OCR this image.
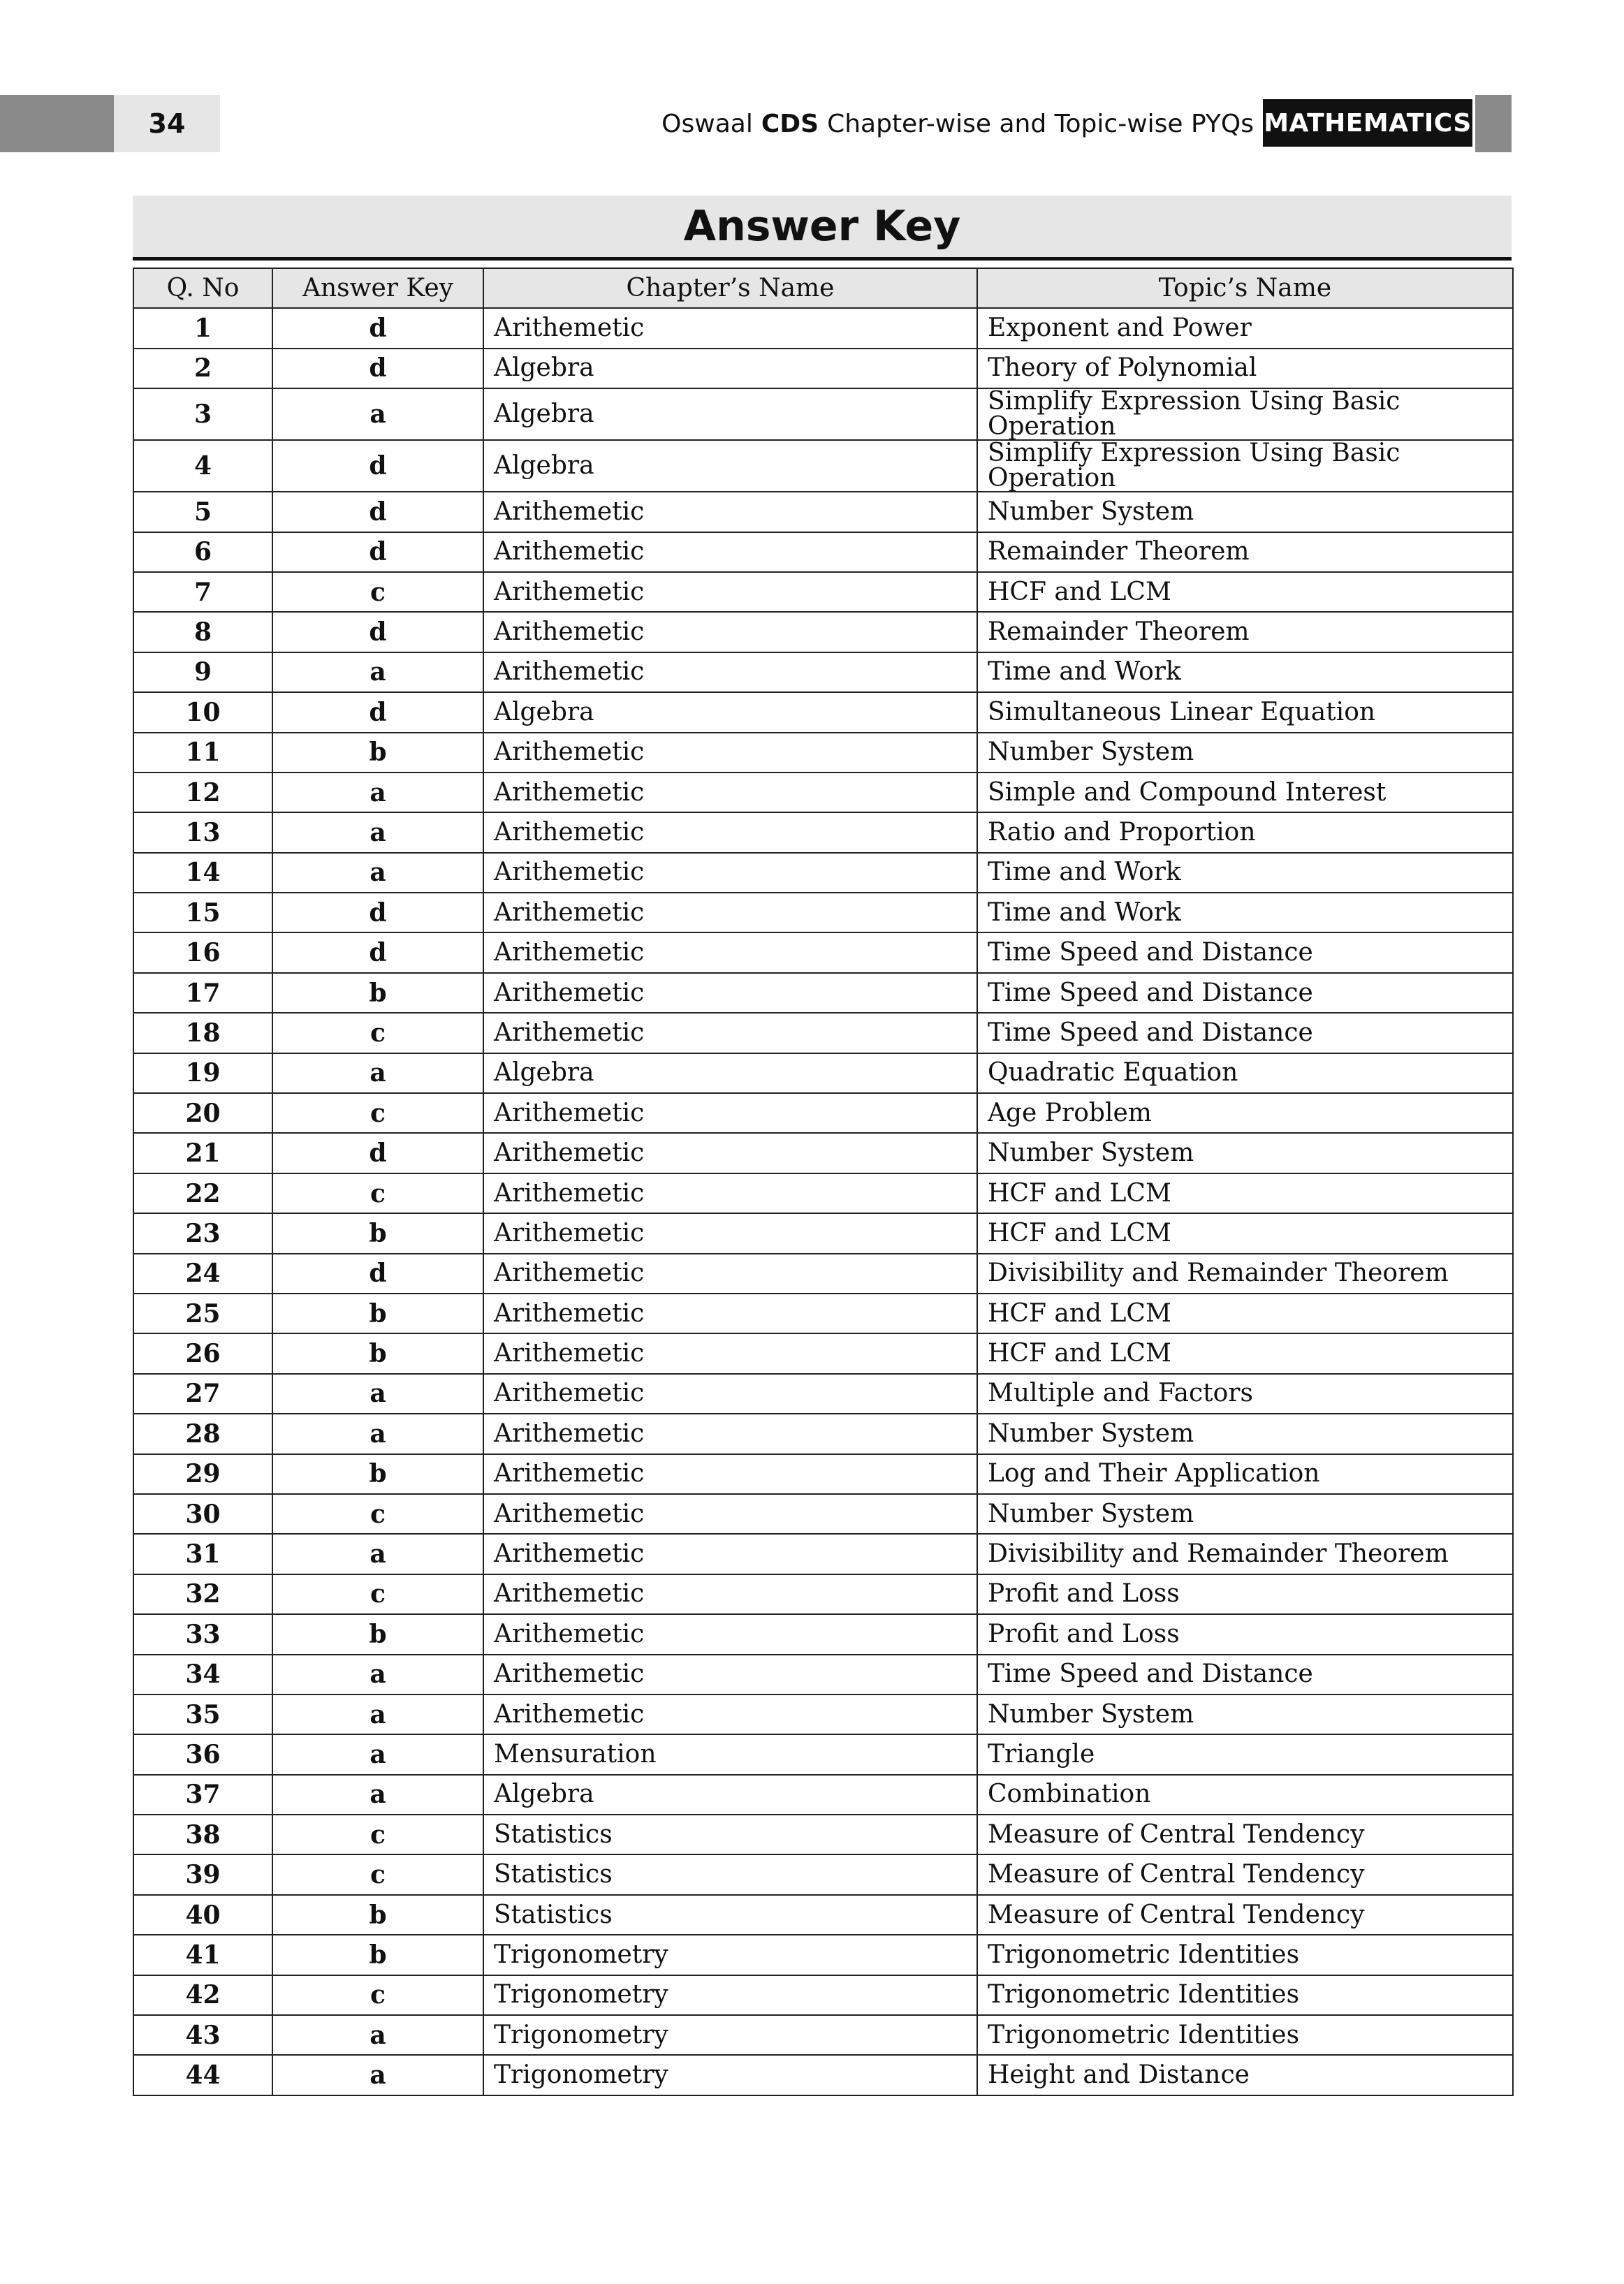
34	Oswaal CDS Chapter-wise and Topic-wise PYQs MATHEMATICS
Answer Key
Q. No	Answer Key	Chapter’s Name	Topic’s Name
1	d	Arithemetic	Exponent and Power
2	d	Algebra	Theory of Polynomial
3	a	Algebra	Simplify Expression Using Basic Operation
4	d	Algebra	Simplify Expression Using Basic Operation
5	d	Arithemetic	Number System
6	d	Arithemetic	Remainder Theorem
7	c	Arithemetic	HCF and LCM
8	d	Arithemetic	Remainder Theorem
9	a	Arithemetic	Time and Work
10	d	Algebra	Simultaneous Linear Equation
11	b	Arithemetic	Number System
12	a	Arithemetic	Simple and Compound Interest
13	a	Arithemetic	Ratio and Proportion
14	a	Arithemetic	Time and Work
15	d	Arithemetic	Time and Work
16	d	Arithemetic	Time Speed and Distance
17	b	Arithemetic	Time Speed and Distance
18	c	Arithemetic	Time Speed and Distance
19	a	Algebra	Quadratic Equation
20	c	Arithemetic	Age Problem
21	d	Arithemetic	Number System
22	c	Arithemetic	HCF and LCM
23	b	Arithemetic	HCF and LCM
24	d	Arithemetic	Divisibility and Remainder Theorem
25	b	Arithemetic	HCF and LCM
26	b	Arithemetic	HCF and LCM
27	a	Arithemetic	Multiple and Factors
28	a	Arithemetic	Number System
29	b	Arithemetic	Log and Their Application
30	c	Arithemetic	Number System
31	a	Arithemetic	Divisibility and Remainder Theorem
32	c	Arithemetic	Profit and Loss
33	b	Arithemetic	Profit and Loss
34	a	Arithemetic	Time Speed and Distance
35	a	Arithemetic	Number System
36	a	Mensuration	Triangle
37	a	Algebra	Combination
38	c	Statistics	Measure of Central Tendency
39	c	Statistics	Measure of Central Tendency
40	b	Statistics	Measure of Central Tendency
41	b	Trigonometry	Trigonometric Identities
42	c	Trigonometry	Trigonometric Identities
43	a	Trigonometry	Trigonometric Identities
44	a	Trigonometry	Height and Distance
